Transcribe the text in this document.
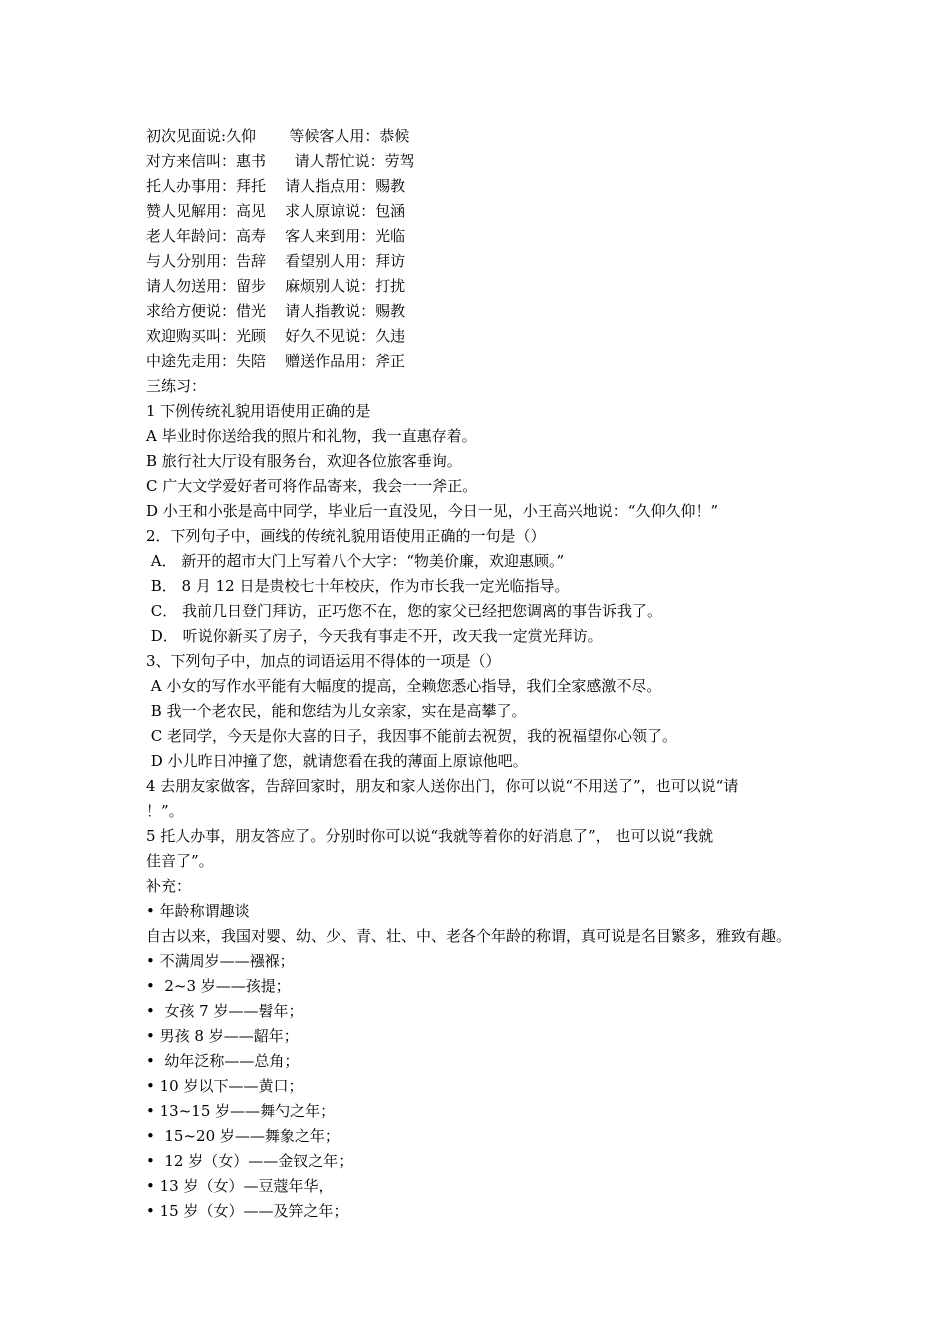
初次见面说:久仰       等候客人用：恭候
对方来信叫：惠书      请人帮忙说：劳驾
托人办事用：拜托    请人指点用：赐教
赞人见解用：高见    求人原谅说：包涵
老人年龄问：高寿    客人来到用：光临
与人分别用：告辞    看望别人用：拜访
请人勿送用：留步    麻烦别人说：打扰
求给方便说：借光    请人指教说：赐教
欢迎购买叫：光顾    好久不见说：久违
中途先走用：失陪    赠送作品用：斧正
三练习：
1 下例传统礼貌用语使用正确的是
A 毕业时你送给我的照片和礼物，我一直惠存着。
B 旅行社大厅设有服务台，欢迎各位旅客垂询。
C 广大文学爱好者可将作品寄来，我会一一斧正。
D 小王和小张是高中同学，毕业后一直没见，今日一见，小王高兴地说：“久仰久仰！”
2．下列句子中，画线的传统礼貌用语使用正确的一句是（）
A． 新开的超市大门上写着八个大字：“物美价廉，欢迎惠顾。”
B． 8 月 12 日是贵校七十年校庆，作为市长我一定光临指导。
C． 我前几日登门拜访，正巧您不在，您的家父已经把您调离的事告诉我了。
D． 听说你新买了房子，今天我有事走不开，改天我一定赏光拜访。
3、下列句子中，加点的词语运用不得体的一项是（）
A 小女的写作水平能有大幅度的提高，全赖您悉心指导，我们全家感激不尽。
B 我一个老农民，能和您结为儿女亲家，实在是高攀了。
C 老同学，今天是你大喜的日子，我因事不能前去祝贺，我的祝福望你心领了。
D 小儿昨日冲撞了您，就请您看在我的薄面上原谅他吧。
4 去朋友家做客，告辞回家时，朋友和家人送你出门，你可以说“不用送了”，也可以说“请
！”。
5 托人办事，朋友答应了。分别时你可以说“我就等着你的好消息了”， 也可以说“我就
佳音了”。
补充：
• 年龄称谓趣谈
自古以来，我国对婴、幼、少、青、壮、中、老各个年龄的称谓，真可说是名目繁多，雅致有趣。
• 不满周岁——襁褓；
•  2~3 岁——孩提；
•  女孩 7 岁——髫年；
• 男孩 8 岁——龆年；
•  幼年泛称——总角；
• 10 岁以下——黄口；
• 13~15 岁——舞勺之年；
•  15~20 岁——舞象之年；
•  12 岁（女）——金钗之年；
• 13 岁（女）—豆蔻年华，
• 15 岁（女）——及笄之年；
